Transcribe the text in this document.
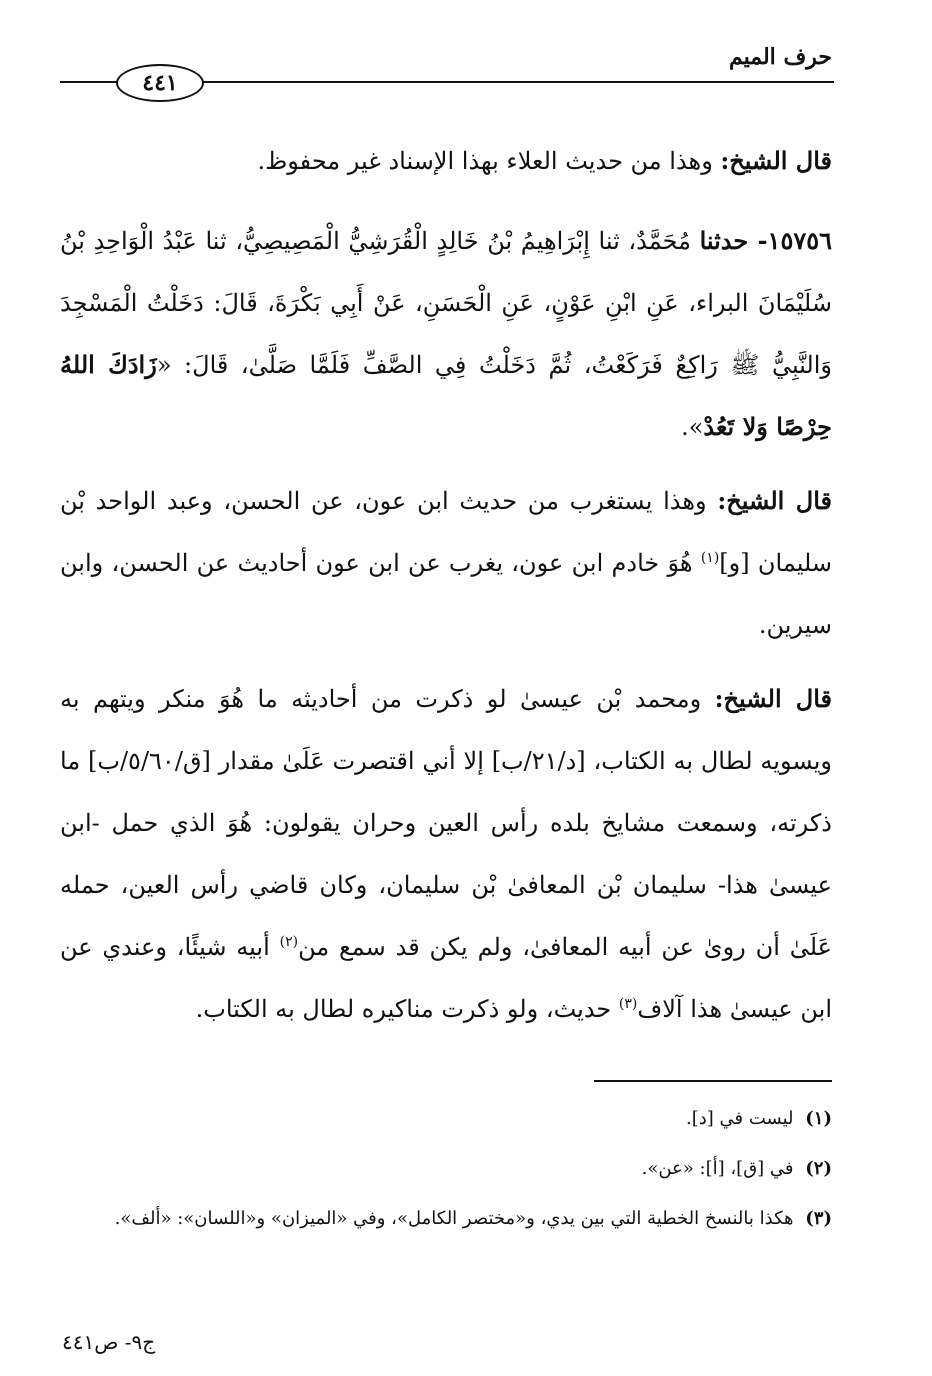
حرف الميم
٤٤١

قال الشيخ: وهذا من حديث العلاء بهذا الإسناد غير محفوظ.

١٥٧٥٦- حدثنا مُحَمَّدٌ، ثنا إِبْرَاهِيمُ بْنُ خَالِدٍ الْقُرَشِيُّ الْمَصِيصِيُّ، ثنا عَبْدُ الْوَاحِدِ بْنُ سُلَيْمَانَ البراء، عَنِ ابْنِ عَوْنٍ، عَنِ الْحَسَنِ، عَنْ أَبِي بَكْرَةَ، قَالَ: دَخَلْتُ الْمَسْجِدَ وَالنَّبِيُّ ﷺ رَاكِعٌ فَرَكَعْتُ، ثُمَّ دَخَلْتُ فِي الصَّفِّ فَلَمَّا صَلَّىٰ، قَالَ: «زَادَكَ اللهُ حِرْصًا وَلا تَعُدْ».

قال الشيخ: وهذا يستغرب من حديث ابن عون، عن الحسن، وعبد الواحد بْن سليمان [و]$^{(١)}$ هُوَ خادم ابن عون، يغرب عن ابن عون أحاديث عن الحسن، وابن سيرين.

قال الشيخ: ومحمد بْن عيسىٰ لو ذكرت من أحاديثه ما هُوَ منكر ويتهم به ويسويه لطال به الكتاب، [د/٢١/ب] إلا أني اقتصرت عَلَىٰ مقدار [ق/٥/٦٠/ب] ما ذكرته، وسمعت مشايخ بلده رأس العين وحران يقولون: هُوَ الذي حمل -ابن عيسىٰ هذا- سليمان بْن المعافىٰ بْن سليمان، وكان قاضي رأس العين، حمله عَلَىٰ أن روىٰ عن أبيه المعافىٰ، ولم يكن قد سمع من$^{(٢)}$ أبيه شيئًا، وعندي عن ابن عيسىٰ هذا آلاف$^{(٣)}$ حديث، ولو ذكرت مناكيره لطال به الكتاب.

(١) ليست في [د].
(٢) في [ق]، [أ]: «عن».
(٣) هكذا بالنسخ الخطية التي بين يدي، و«مختصر الكامل»، وفي «الميزان» و«اللسان»: «ألف».
ج٩- ص٤٤١
